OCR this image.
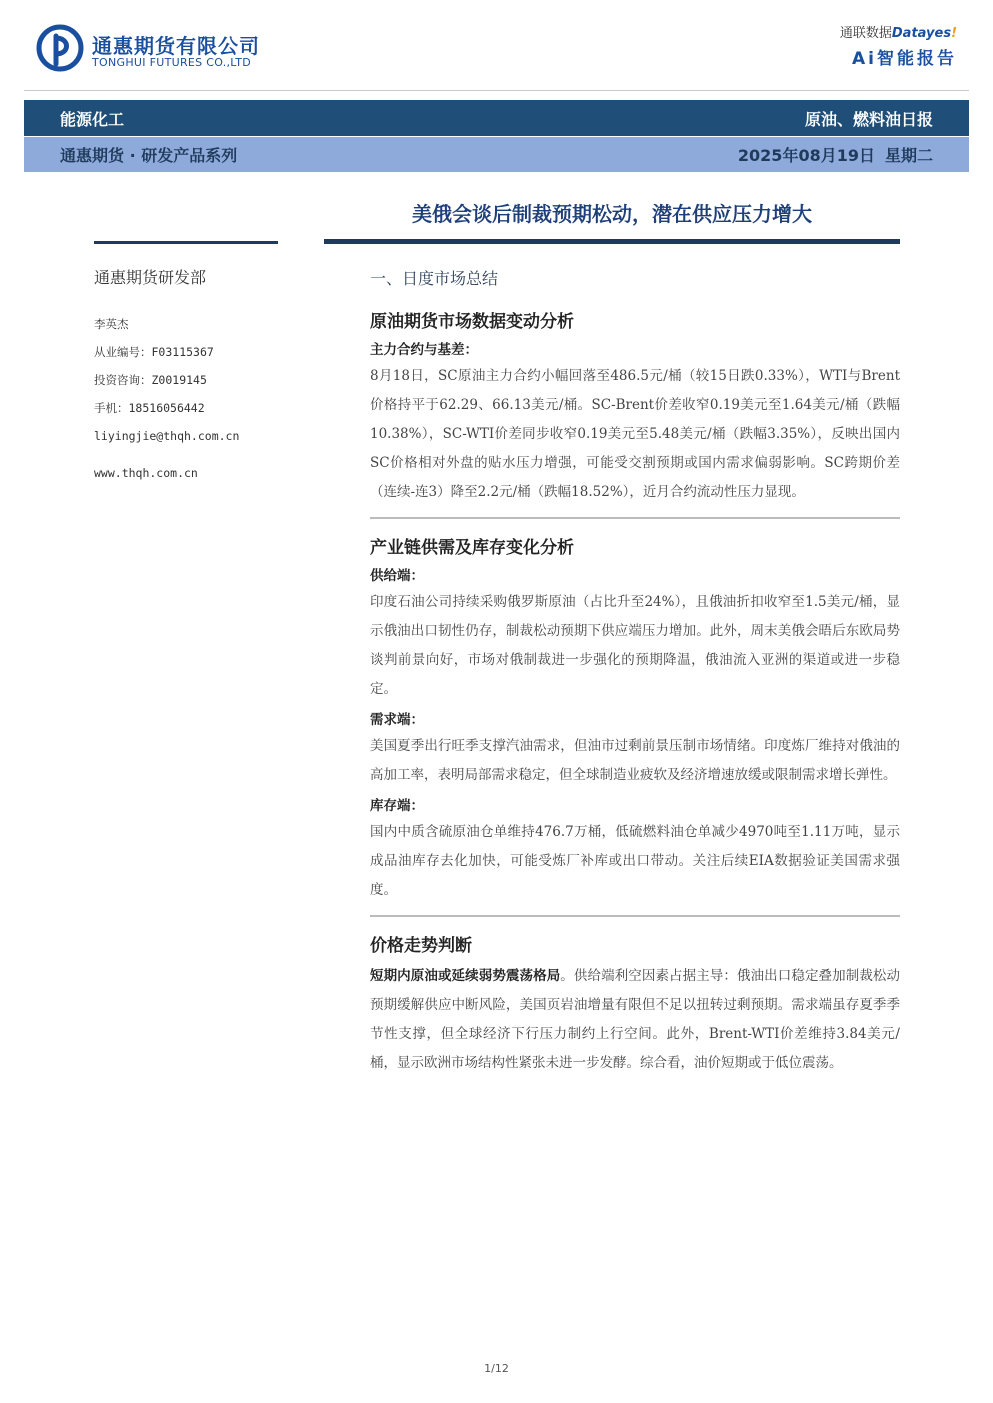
通惠期货有限公司
TONGHUI FUTURES CO.,LTD
通联数据Datayes!
Ai智能报告
能源化工	原油、燃料油日报
通惠期货 · 研发产品系列	2025年08月19日 星期二
美俄会谈后制裁预期松动，潜在供应压力增大
通惠期货研发部
李英杰
从业编号：F03115367
投资咨询：Z0019145
手机：18516056442
liyingjie@thqh.com.cn
www.thqh.com.cn
一、日度市场总结
原油期货市场数据变动分析
主力合约与基差：

8月18日，SC原油主力合约小幅回落至486.5元/桶（较15日跌0.33%），WTI与Brent价格持平于62.29、66.13美元/桶。SC-Brent价差收窄0.19美元至1.64美元/桶（跌幅10.38%），SC-WTI价差同步收窄0.19美元至5.48美元/桶（跌幅3.35%），反映出国内SC价格相对外盘的贴水压力增强，可能受交割预期或国内需求偏弱影响。SC跨期价差（连续-连3）降至2.2元/桶（跌幅18.52%），近月合约流动性压力显现。

产业链供需及库存变化分析
供给端：

印度石油公司持续采购俄罗斯原油（占比升至24%），且俄油折扣收窄至1.5美元/桶，显示俄油出口韧性仍存，制裁松动预期下供应端压力增加。此外，周末美俄会晤后东欧局势谈判前景向好，市场对俄制裁进一步强化的预期降温，俄油流入亚洲的渠道或进一步稳定。

需求端：

美国夏季出行旺季支撑汽油需求，但油市过剩前景压制市场情绪。印度炼厂维持对俄油的高加工率，表明局部需求稳定，但全球制造业疲软及经济增速放缓或限制需求增长弹性。

库存端：

国内中质含硫原油仓单维持476.7万桶，低硫燃料油仓单减少4970吨至1.11万吨，显示成品油库存去化加快，可能受炼厂补库或出口带动。关注后续EIA数据验证美国需求强度。

价格走势判断

短期内原油或延续弱势震荡格局。供给端利空因素占据主导：俄油出口稳定叠加制裁松动预期缓解供应中断风险，美国页岩油增量有限但不足以扭转过剩预期。需求端虽存夏季季节性支撑，但全球经济下行压力制约上行空间。此外，Brent-WTI价差维持3.84美元/桶，显示欧洲市场结构性紧张未进一步发酵。综合看，油价短期或于低位震荡。

1/12
